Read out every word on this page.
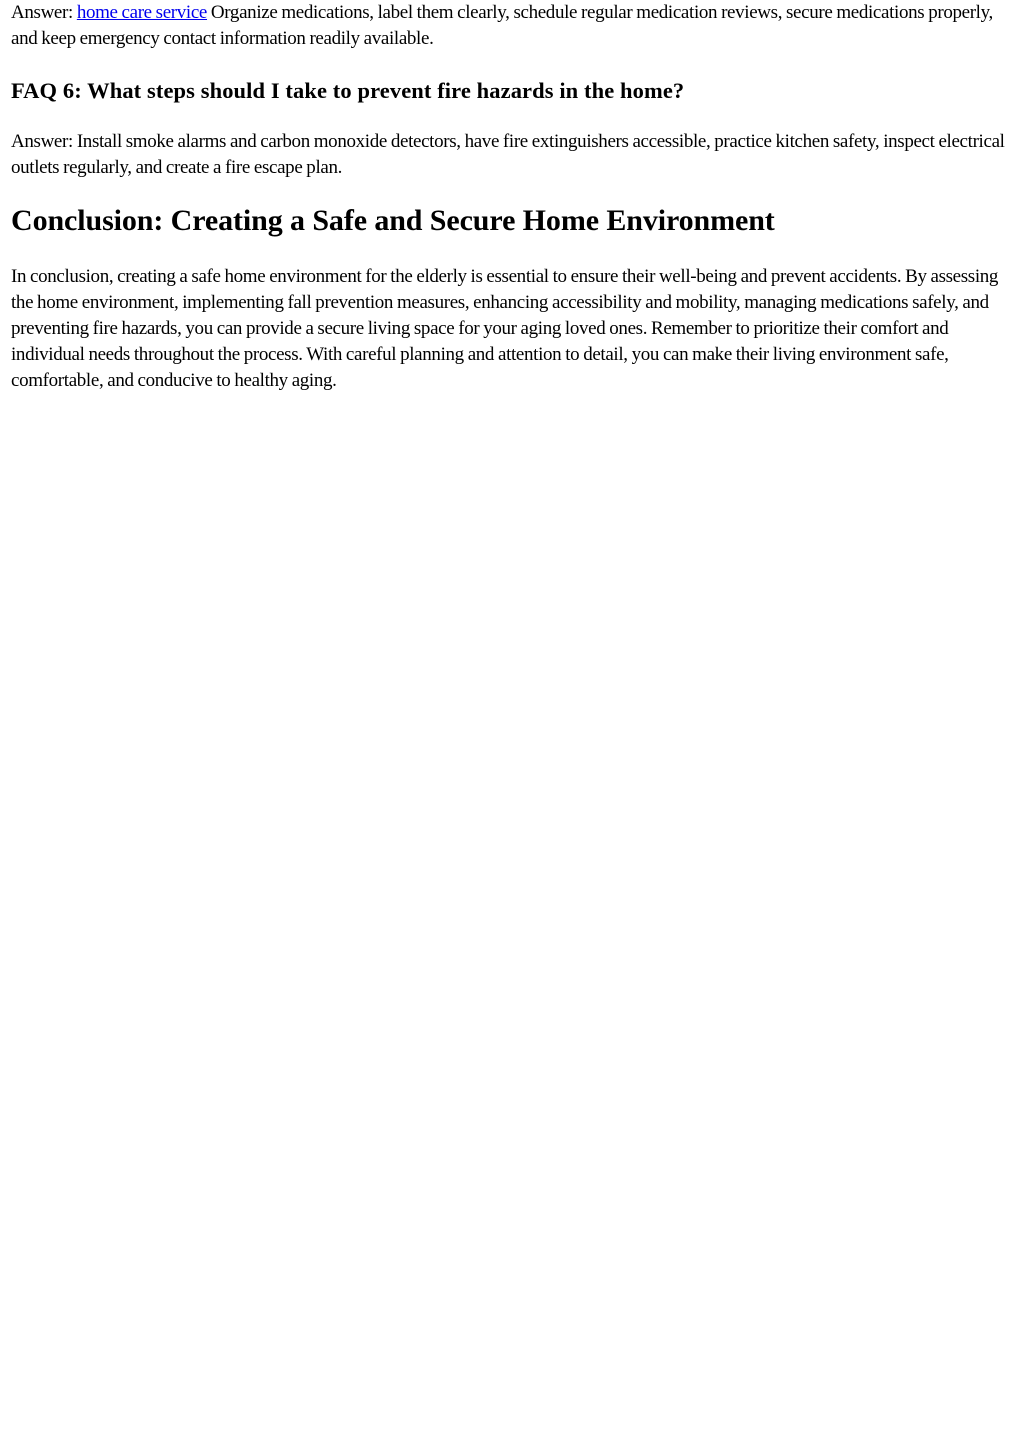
Answer: home care service Organize medications, label them clearly, schedule regular medication reviews, secure medications properly, and keep emergency contact information readily available.

FAQ 6: What steps should I take to prevent fire hazards in the home?

Answer: Install smoke alarms and carbon monoxide detectors, have fire extinguishers accessible, practice kitchen safety, inspect electrical outlets regularly, and create a fire escape plan.

Conclusion: Creating a Safe and Secure Home Environment

In conclusion, creating a safe home environment for the elderly is essential to ensure their well-being and prevent accidents. By assessing the home environment, implementing fall prevention measures, enhancing accessibility and mobility, managing medications safely, and preventing fire hazards, you can provide a secure living space for your aging loved ones. Remember to prioritize their comfort and individual needs throughout the process. With careful planning and attention to detail, you can make their living environment safe, comfortable, and conducive to healthy aging.
